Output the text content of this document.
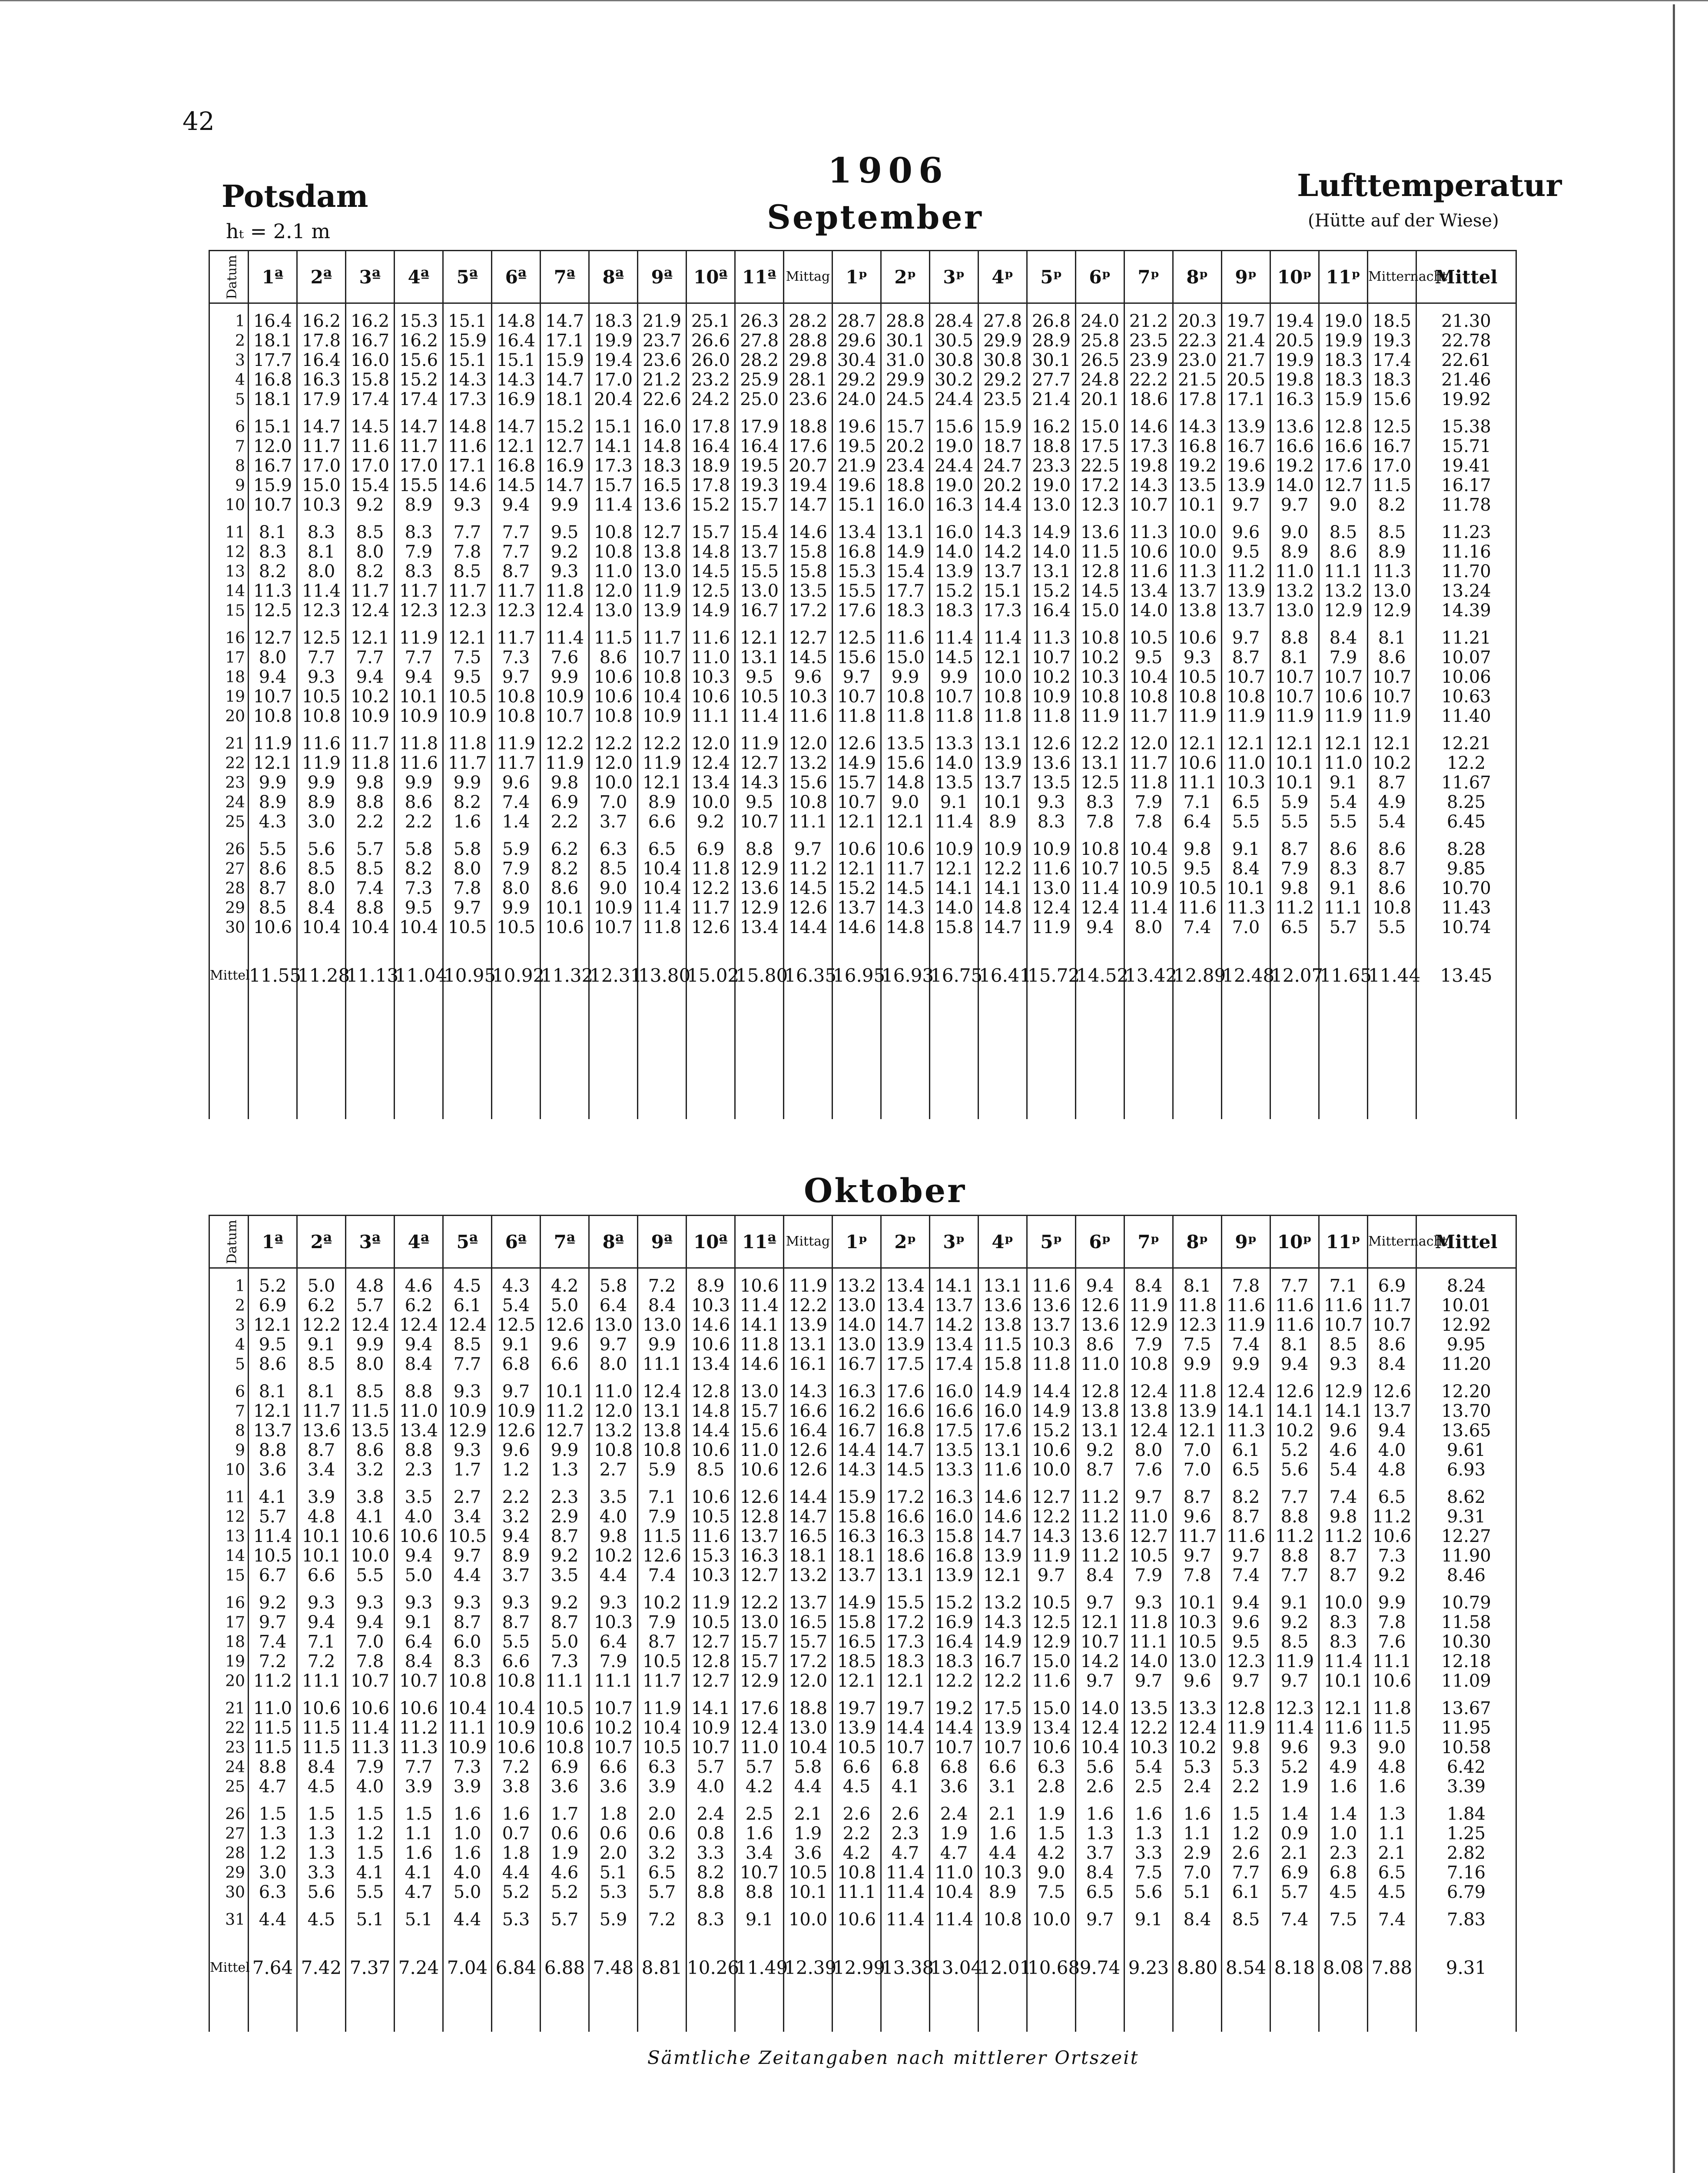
42
Potsdam
hₜ = 2.1 m
1906
September
Lufttemperatur
(Hütte auf der Wiese)
Datum	1ª	2ª	3ª	4ª	5ª	6ª	7ª	8ª	9ª	10ª	11ª	Mittag	1ᵖ	2ᵖ	3ᵖ	4ᵖ	5ᵖ	6ᵖ	7ᵖ	8ᵖ	9ᵖ	10ᵖ	11ᵖ	Mitternacht	Mittel

1	16.4	16.2	16.2	15.3	15.1	14.8	14.7	18.3	21.9	25.1	26.3	28.2	28.7	28.8	28.4	27.8	26.8	24.0	21.2	20.3	19.7	19.4	19.0	18.5	21.30
2	18.1	17.8	16.7	16.2	15.9	16.4	17.1	19.9	23.7	26.6	27.8	28.8	29.6	30.1	30.5	29.9	28.9	25.8	23.5	22.3	21.4	20.5	19.9	19.3	22.78
3	17.7	16.4	16.0	15.6	15.1	15.1	15.9	19.4	23.6	26.0	28.2	29.8	30.4	31.0	30.8	30.8	30.1	26.5	23.9	23.0	21.7	19.9	18.3	17.4	22.61
4	16.8	16.3	15.8	15.2	14.3	14.3	14.7	17.0	21.2	23.2	25.9	28.1	29.2	29.9	30.2	29.2	27.7	24.8	22.2	21.5	20.5	19.8	18.3	18.3	21.46
5	18.1	17.9	17.4	17.4	17.3	16.9	18.1	20.4	22.6	24.2	25.0	23.6	24.0	24.5	24.4	23.5	21.4	20.1	18.6	17.8	17.1	16.3	15.9	15.6	19.92

6	15.1	14.7	14.5	14.7	14.8	14.7	15.2	15.1	16.0	17.8	17.9	18.8	19.6	15.7	15.6	15.9	16.2	15.0	14.6	14.3	13.9	13.6	12.8	12.5	15.38
7	12.0	11.7	11.6	11.7	11.6	12.1	12.7	14.1	14.8	16.4	16.4	17.6	19.5	20.2	19.0	18.7	18.8	17.5	17.3	16.8	16.7	16.6	16.6	16.7	15.71
8	16.7	17.0	17.0	17.0	17.1	16.8	16.9	17.3	18.3	18.9	19.5	20.7	21.9	23.4	24.4	24.7	23.3	22.5	19.8	19.2	19.6	19.2	17.6	17.0	19.41
9	15.9	15.0	15.4	15.5	14.6	14.5	14.7	15.7	16.5	17.8	19.3	19.4	19.6	18.8	19.0	20.2	19.0	17.2	14.3	13.5	13.9	14.0	12.7	11.5	16.17
10	10.7	10.3	9.2	8.9	9.3	9.4	9.9	11.4	13.6	15.2	15.7	14.7	15.1	16.0	16.3	14.4	13.0	12.3	10.7	10.1	9.7	9.7	9.0	8.2	11.78

11	8.1	8.3	8.5	8.3	7.7	7.7	9.5	10.8	12.7	15.7	15.4	14.6	13.4	13.1	16.0	14.3	14.9	13.6	11.3	10.0	9.6	9.0	8.5	8.5	11.23
12	8.3	8.1	8.0	7.9	7.8	7.7	9.2	10.8	13.8	14.8	13.7	15.8	16.8	14.9	14.0	14.2	14.0	11.5	10.6	10.0	9.5	8.9	8.6	8.9	11.16
13	8.2	8.0	8.2	8.3	8.5	8.7	9.3	11.0	13.0	14.5	15.5	15.8	15.3	15.4	13.9	13.7	13.1	12.8	11.6	11.3	11.2	11.0	11.1	11.3	11.70
14	11.3	11.4	11.7	11.7	11.7	11.7	11.8	12.0	11.9	12.5	13.0	13.5	15.5	17.7	15.2	15.1	15.2	14.5	13.4	13.7	13.9	13.2	13.2	13.0	13.24
15	12.5	12.3	12.4	12.3	12.3	12.3	12.4	13.0	13.9	14.9	16.7	17.2	17.6	18.3	18.3	17.3	16.4	15.0	14.0	13.8	13.7	13.0	12.9	12.9	14.39

16	12.7	12.5	12.1	11.9	12.1	11.7	11.4	11.5	11.7	11.6	12.1	12.7	12.5	11.6	11.4	11.4	11.3	10.8	10.5	10.6	9.7	8.8	8.4	8.1	11.21
17	8.0	7.7	7.7	7.7	7.5	7.3	7.6	8.6	10.7	11.0	13.1	14.5	15.6	15.0	14.5	12.1	10.7	10.2	9.5	9.3	8.7	8.1	7.9	8.6	10.07
18	9.4	9.3	9.4	9.4	9.5	9.7	9.9	10.6	10.8	10.3	9.5	9.6	9.7	9.9	9.9	10.0	10.2	10.3	10.4	10.5	10.7	10.7	10.7	10.7	10.06
19	10.7	10.5	10.2	10.1	10.5	10.8	10.9	10.6	10.4	10.6	10.5	10.3	10.7	10.8	10.7	10.8	10.9	10.8	10.8	10.8	10.8	10.7	10.6	10.7	10.63
20	10.8	10.8	10.9	10.9	10.9	10.8	10.7	10.8	10.9	11.1	11.4	11.6	11.8	11.8	11.8	11.8	11.8	11.9	11.7	11.9	11.9	11.9	11.9	11.9	11.40

21	11.9	11.6	11.7	11.8	11.8	11.9	12.2	12.2	12.2	12.0	11.9	12.0	12.6	13.5	13.3	13.1	12.6	12.2	12.0	12.1	12.1	12.1	12.1	12.1	12.21
22	12.1	11.9	11.8	11.6	11.7	11.7	11.9	12.0	11.9	12.4	12.7	13.2	14.9	15.6	14.0	13.9	13.6	13.1	11.7	10.6	11.0	10.1	11.0	10.2	12.2
23	9.9	9.9	9.8	9.9	9.9	9.6	9.8	10.0	12.1	13.4	14.3	15.6	15.7	14.8	13.5	13.7	13.5	12.5	11.8	11.1	10.3	10.1	9.1	8.7	11.67
24	8.9	8.9	8.8	8.6	8.2	7.4	6.9	7.0	8.9	10.0	9.5	10.8	10.7	9.0	9.1	10.1	9.3	8.3	7.9	7.1	6.5	5.9	5.4	4.9	8.25
25	4.3	3.0	2.2	2.2	1.6	1.4	2.2	3.7	6.6	9.2	10.7	11.1	12.1	12.1	11.4	8.9	8.3	7.8	7.8	6.4	5.5	5.5	5.5	5.4	6.45

26	5.5	5.6	5.7	5.8	5.8	5.9	6.2	6.3	6.5	6.9	8.8	9.7	10.6	10.6	10.9	10.9	10.9	10.8	10.4	9.8	9.1	8.7	8.6	8.6	8.28
27	8.6	8.5	8.5	8.2	8.0	7.9	8.2	8.5	10.4	11.8	12.9	11.2	12.1	11.7	12.1	12.2	11.6	10.7	10.5	9.5	8.4	7.9	8.3	8.7	9.85
28	8.7	8.0	7.4	7.3	7.8	8.0	8.6	9.0	10.4	12.2	13.6	14.5	15.2	14.5	14.1	14.1	13.0	11.4	10.9	10.5	10.1	9.8	9.1	8.6	10.70
29	8.5	8.4	8.8	9.5	9.7	9.9	10.1	10.9	11.4	11.7	12.9	12.6	13.7	14.3	14.0	14.8	12.4	12.4	11.4	11.6	11.3	11.2	11.1	10.8	11.43
30	10.6	10.4	10.4	10.4	10.5	10.5	10.6	10.7	11.8	12.6	13.4	14.4	14.6	14.8	15.8	14.7	11.9	9.4	8.0	7.4	7.0	6.5	5.7	5.5	10.74

Mittel	11.55	11.28	11.13	11.04	10.95	10.92	11.32	12.31	13.80	15.02	15.80	16.35	16.95	16.93	16.75	16.41	15.72	14.52	13.42	12.89	12.48	12.07	11.65	11.44	13.45

Oktober
Datum	1ª	2ª	3ª	4ª	5ª	6ª	7ª	8ª	9ª	10ª	11ª	Mittag	1ᵖ	2ᵖ	3ᵖ	4ᵖ	5ᵖ	6ᵖ	7ᵖ	8ᵖ	9ᵖ	10ᵖ	11ᵖ	Mitternacht	Mittel

1	5.2	5.0	4.8	4.6	4.5	4.3	4.2	5.8	7.2	8.9	10.6	11.9	13.2	13.4	14.1	13.1	11.6	9.4	8.4	8.1	7.8	7.7	7.1	6.9	8.24
2	6.9	6.2	5.7	6.2	6.1	5.4	5.0	6.4	8.4	10.3	11.4	12.2	13.0	13.4	13.7	13.6	13.6	12.6	11.9	11.8	11.6	11.6	11.6	11.7	10.01
3	12.1	12.2	12.4	12.4	12.4	12.5	12.6	13.0	13.0	14.6	14.1	13.9	14.0	14.7	14.2	13.8	13.7	13.6	12.9	12.3	11.9	11.6	10.7	10.7	12.92
4	9.5	9.1	9.9	9.4	8.5	9.1	9.6	9.7	9.9	10.6	11.8	13.1	13.0	13.9	13.4	11.5	10.3	8.6	7.9	7.5	7.4	8.1	8.5	8.6	9.95
5	8.6	8.5	8.0	8.4	7.7	6.8	6.6	8.0	11.1	13.4	14.6	16.1	16.7	17.5	17.4	15.8	11.8	11.0	10.8	9.9	9.9	9.4	9.3	8.4	11.20

6	8.1	8.1	8.5	8.8	9.3	9.7	10.1	11.0	12.4	12.8	13.0	14.3	16.3	17.6	16.0	14.9	14.4	12.8	12.4	11.8	12.4	12.6	12.9	12.6	12.20
7	12.1	11.7	11.5	11.0	10.9	10.9	11.2	12.0	13.1	14.8	15.7	16.6	16.2	16.6	16.6	16.0	14.9	13.8	13.8	13.9	14.1	14.1	14.1	13.7	13.70
8	13.7	13.6	13.5	13.4	12.9	12.6	12.7	13.2	13.8	14.4	15.6	16.4	16.7	16.8	17.5	17.6	15.2	13.1	12.4	12.1	11.3	10.2	9.6	9.4	13.65
9	8.8	8.7	8.6	8.8	9.3	9.6	9.9	10.8	10.8	10.6	11.0	12.6	14.4	14.7	13.5	13.1	10.6	9.2	8.0	7.0	6.1	5.2	4.6	4.0	9.61
10	3.6	3.4	3.2	2.3	1.7	1.2	1.3	2.7	5.9	8.5	10.6	12.6	14.3	14.5	13.3	11.6	10.0	8.7	7.6	7.0	6.5	5.6	5.4	4.8	6.93

11	4.1	3.9	3.8	3.5	2.7	2.2	2.3	3.5	7.1	10.6	12.6	14.4	15.9	17.2	16.3	14.6	12.7	11.2	9.7	8.7	8.2	7.7	7.4	6.5	8.62
12	5.7	4.8	4.1	4.0	3.4	3.2	2.9	4.0	7.9	10.5	12.8	14.7	15.8	16.6	16.0	14.6	12.2	11.2	11.0	9.6	8.7	8.8	9.8	11.2	9.31
13	11.4	10.1	10.6	10.6	10.5	9.4	8.7	9.8	11.5	11.6	13.7	16.5	16.3	16.3	15.8	14.7	14.3	13.6	12.7	11.7	11.6	11.2	11.2	10.6	12.27
14	10.5	10.1	10.0	9.4	9.7	8.9	9.2	10.2	12.6	15.3	16.3	18.1	18.1	18.6	16.8	13.9	11.9	11.2	10.5	9.7	9.7	8.8	8.7	7.3	11.90
15	6.7	6.6	5.5	5.0	4.4	3.7	3.5	4.4	7.4	10.3	12.7	13.2	13.7	13.1	13.9	12.1	9.7	8.4	7.9	7.8	7.4	7.7	8.7	9.2	8.46

16	9.2	9.3	9.3	9.3	9.3	9.3	9.2	9.3	10.2	11.9	12.2	13.7	14.9	15.5	15.2	13.2	10.5	9.7	9.3	10.1	9.4	9.1	10.0	9.9	10.79
17	9.7	9.4	9.4	9.1	8.7	8.7	8.7	10.3	7.9	10.5	13.0	16.5	15.8	17.2	16.9	14.3	12.5	12.1	11.8	10.3	9.6	9.2	8.3	7.8	11.58
18	7.4	7.1	7.0	6.4	6.0	5.5	5.0	6.4	8.7	12.7	15.7	15.7	16.5	17.3	16.4	14.9	12.9	10.7	11.1	10.5	9.5	8.5	8.3	7.6	10.30
19	7.2	7.2	7.8	8.4	8.3	6.6	7.3	7.9	10.5	12.8	15.7	17.2	18.5	18.3	18.3	16.7	15.0	14.2	14.0	13.0	12.3	11.9	11.4	11.1	12.18
20	11.2	11.1	10.7	10.7	10.8	10.8	11.1	11.1	11.7	12.7	12.9	12.0	12.1	12.1	12.2	12.2	11.6	9.7	9.7	9.6	9.7	9.7	10.1	10.6	11.09

21	11.0	10.6	10.6	10.6	10.4	10.4	10.5	10.7	11.9	14.1	17.6	18.8	19.7	19.7	19.2	17.5	15.0	14.0	13.5	13.3	12.8	12.3	12.1	11.8	13.67
22	11.5	11.5	11.4	11.2	11.1	10.9	10.6	10.2	10.4	10.9	12.4	13.0	13.9	14.4	14.4	13.9	13.4	12.4	12.2	12.4	11.9	11.4	11.6	11.5	11.95
23	11.5	11.5	11.3	11.3	10.9	10.6	10.8	10.7	10.5	10.7	11.0	10.4	10.5	10.7	10.7	10.7	10.6	10.4	10.3	10.2	9.8	9.6	9.3	9.0	10.58
24	8.8	8.4	7.9	7.7	7.3	7.2	6.9	6.6	6.3	5.7	5.7	5.8	6.6	6.8	6.8	6.6	6.3	5.6	5.4	5.3	5.3	5.2	4.9	4.8	6.42
25	4.7	4.5	4.0	3.9	3.9	3.8	3.6	3.6	3.9	4.0	4.2	4.4	4.5	4.1	3.6	3.1	2.8	2.6	2.5	2.4	2.2	1.9	1.6	1.6	3.39

26	1.5	1.5	1.5	1.5	1.6	1.6	1.7	1.8	2.0	2.4	2.5	2.1	2.6	2.6	2.4	2.1	1.9	1.6	1.6	1.6	1.5	1.4	1.4	1.3	1.84
27	1.3	1.3	1.2	1.1	1.0	0.7	0.6	0.6	0.6	0.8	1.6	1.9	2.2	2.3	1.9	1.6	1.5	1.3	1.3	1.1	1.2	0.9	1.0	1.1	1.25
28	1.2	1.3	1.5	1.6	1.6	1.8	1.9	2.0	3.2	3.3	3.4	3.6	4.2	4.7	4.7	4.4	4.2	3.7	3.3	2.9	2.6	2.1	2.3	2.1	2.82
29	3.0	3.3	4.1	4.1	4.0	4.4	4.6	5.1	6.5	8.2	10.7	10.5	10.8	11.4	11.0	10.3	9.0	8.4	7.5	7.0	7.7	6.9	6.8	6.5	7.16
30	6.3	5.6	5.5	4.7	5.0	5.2	5.2	5.3	5.7	8.8	8.8	10.1	11.1	11.4	10.4	8.9	7.5	6.5	5.6	5.1	6.1	5.7	4.5	4.5	6.79

31	4.4	4.5	5.1	5.1	4.4	5.3	5.7	5.9	7.2	8.3	9.1	10.0	10.6	11.4	11.4	10.8	10.0	9.7	9.1	8.4	8.5	7.4	7.5	7.4	7.83

Mittel	7.64	7.42	7.37	7.24	7.04	6.84	6.88	7.48	8.81	10.26	11.49	12.39	12.99	13.38	13.04	12.01	10.68	9.74	9.23	8.80	8.54	8.18	8.08	7.88	9.31

Sämtliche Zeitangaben nach mittlerer Ortszeit
